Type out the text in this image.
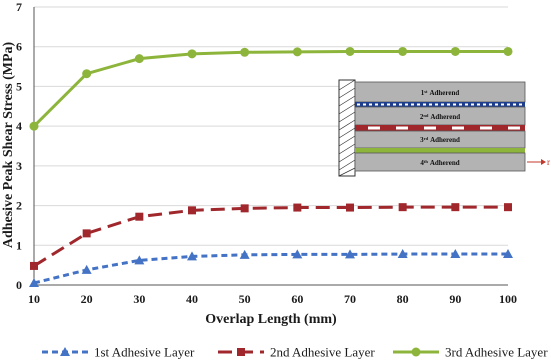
0
1
2
3
4
5
6
7
10	20	30	40	50	60	70	80	90	100
1st Adherend
2nd Adherend
3rd Adherend
4th Adherend	r
Adhesive Peak Shear Stress (MPa)
Overlap Length (mm)
1st Adhesive Layer	2nd Adhesive Layer	3rd Adhesive Layer
